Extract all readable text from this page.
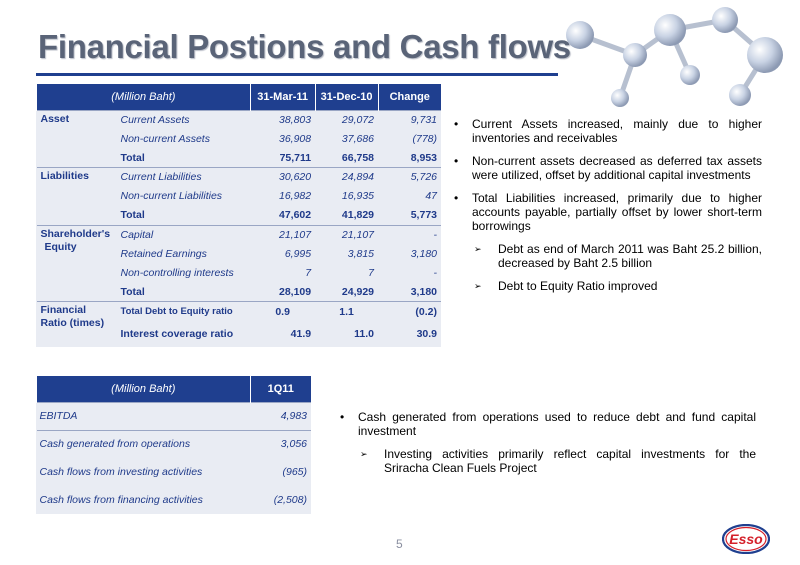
Financial Postions and Cash flows
(Million Baht)		31-Mar-11	31-Dec-10	Change
Asset	Current Assets	38,803	29,072	9,731
	Non-current Assets	36,908	37,686	(778)
	Total	75,711	66,758	8,953
Liabilities	Current Liabilities	30,620	24,894	5,726
	Non-current Liabilities	16,982	16,935	47
	Total	47,602	41,829	5,773
Shareholder's
Equity	Capital	21,107	21,107	-
	Retained Earnings	6,995	3,815	3,180
	Non-controlling interests	7	7	-
	Total	28,109	24,929	3,180
Financial
Ratio (times)	Total Debt to Equity ratio	0.9	1.1	(0.2)
	Interest coverage ratio	41.9	11.0	30.9
• Current Assets increased, mainly due to higher inventories and receivables
• Non-current assets decreased as deferred tax assets were utilized, offset by additional capital investments
• Total Liabilities increased, primarily due to higher accounts payable, partially offset by lower short-term borrowings
➢ Debt as end of March 2011 was Baht 25.2 billion, decreased by Baht 2.5 billion
➢ Debt to Equity Ratio improved
(Million Baht)	1Q11
EBITDA	4,983
Cash generated from operations	3,056
Cash flows from investing activities	(965)
Cash flows from financing activities	(2,508)
• Cash generated from operations used to reduce debt and fund capital investment
➢ Investing activities primarily reflect capital investments for the Sriracha Clean Fuels Project
5	Esso
